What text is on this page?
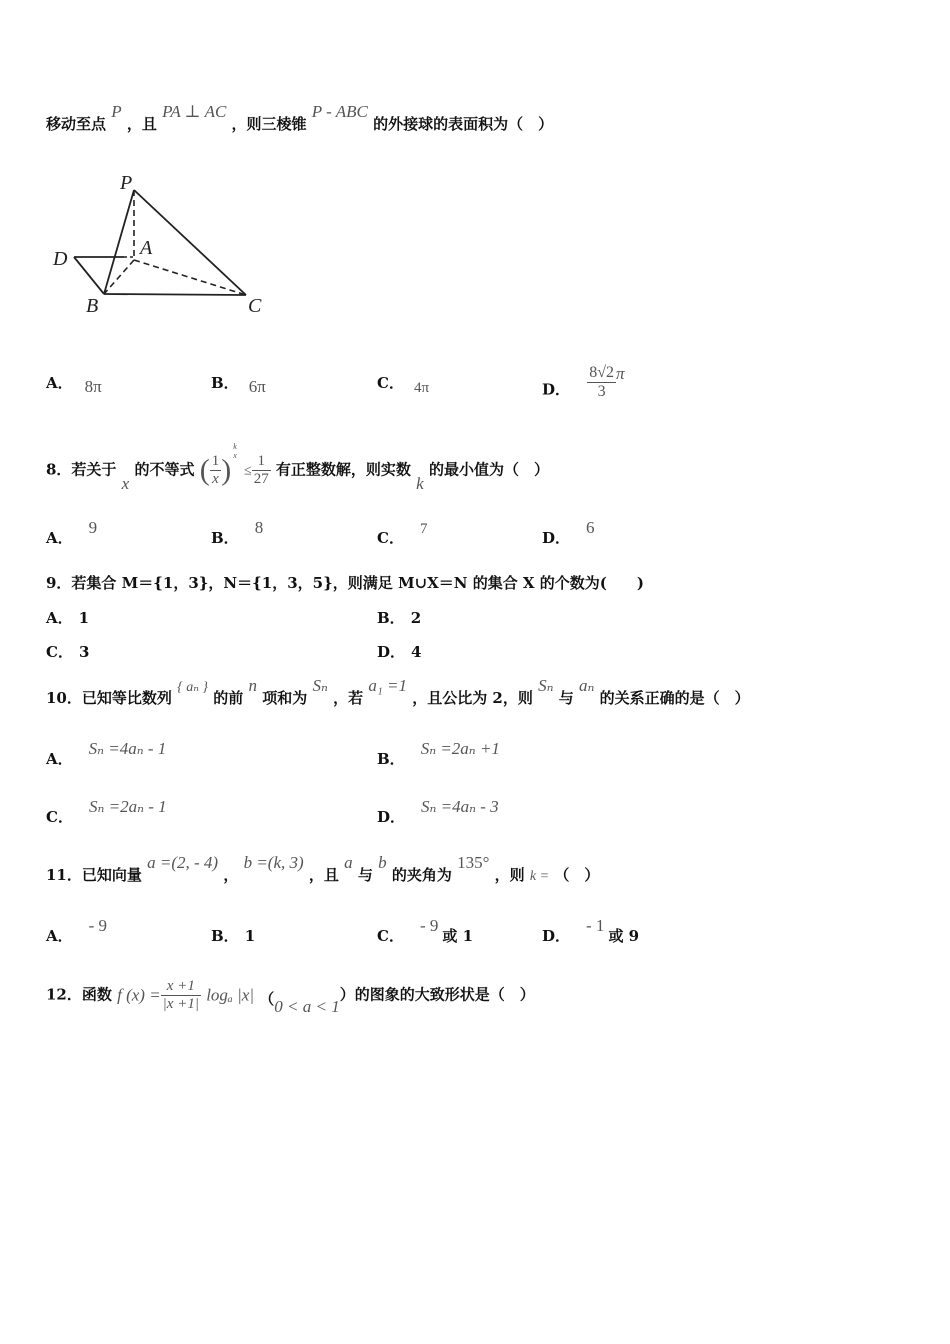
移动至点 P ，且 PA ⊥ AC ，则三棱锥 P - ABC 的外接球的表面积为（　）
P
A
B	C
D
A． 8π	B． 6π	C． 4π	D． $\frac{8√2}{3}$ π
8．若关于 x 的不等式 ( $\frac{1}{x}$ )
k
x
≤ $\frac{1}{27}$ 有正整数解，则实数 k 的最小值为（　）
A．9
B．8
C． 7	D．6
9．若集合 M＝{1，3}，N＝{1，3，5}，则满足 M∪X＝N 的集合 X 的个数为(　　)
A． 1	B． 2
C． 3	D． 4
10．已知等比数列 { aₙ } 的前 n 项和为 Sₙ ，若 a₁ =1 ，且公比为 2，则 Sₙ 与 aₙ 的关系正确的是（　）
A．Sₙ =4aₙ - 1
B．Sₙ =2aₙ +1
C．Sₙ =2aₙ - 1
D．Sₙ =4aₙ - 3
11．已知向量 a =(2, - 4) ， b =(k, 3) ，且 a 与 b 的夹角为 135° ，则 k = （　）
A．- 9
B． 1	C．- 9或 1	D．- 1或 9
12．函数 f $(x) = \frac{x +1}{|x +1|}$ logₐ |x| （0 < a < 1）的图象的大致形状是（　）
